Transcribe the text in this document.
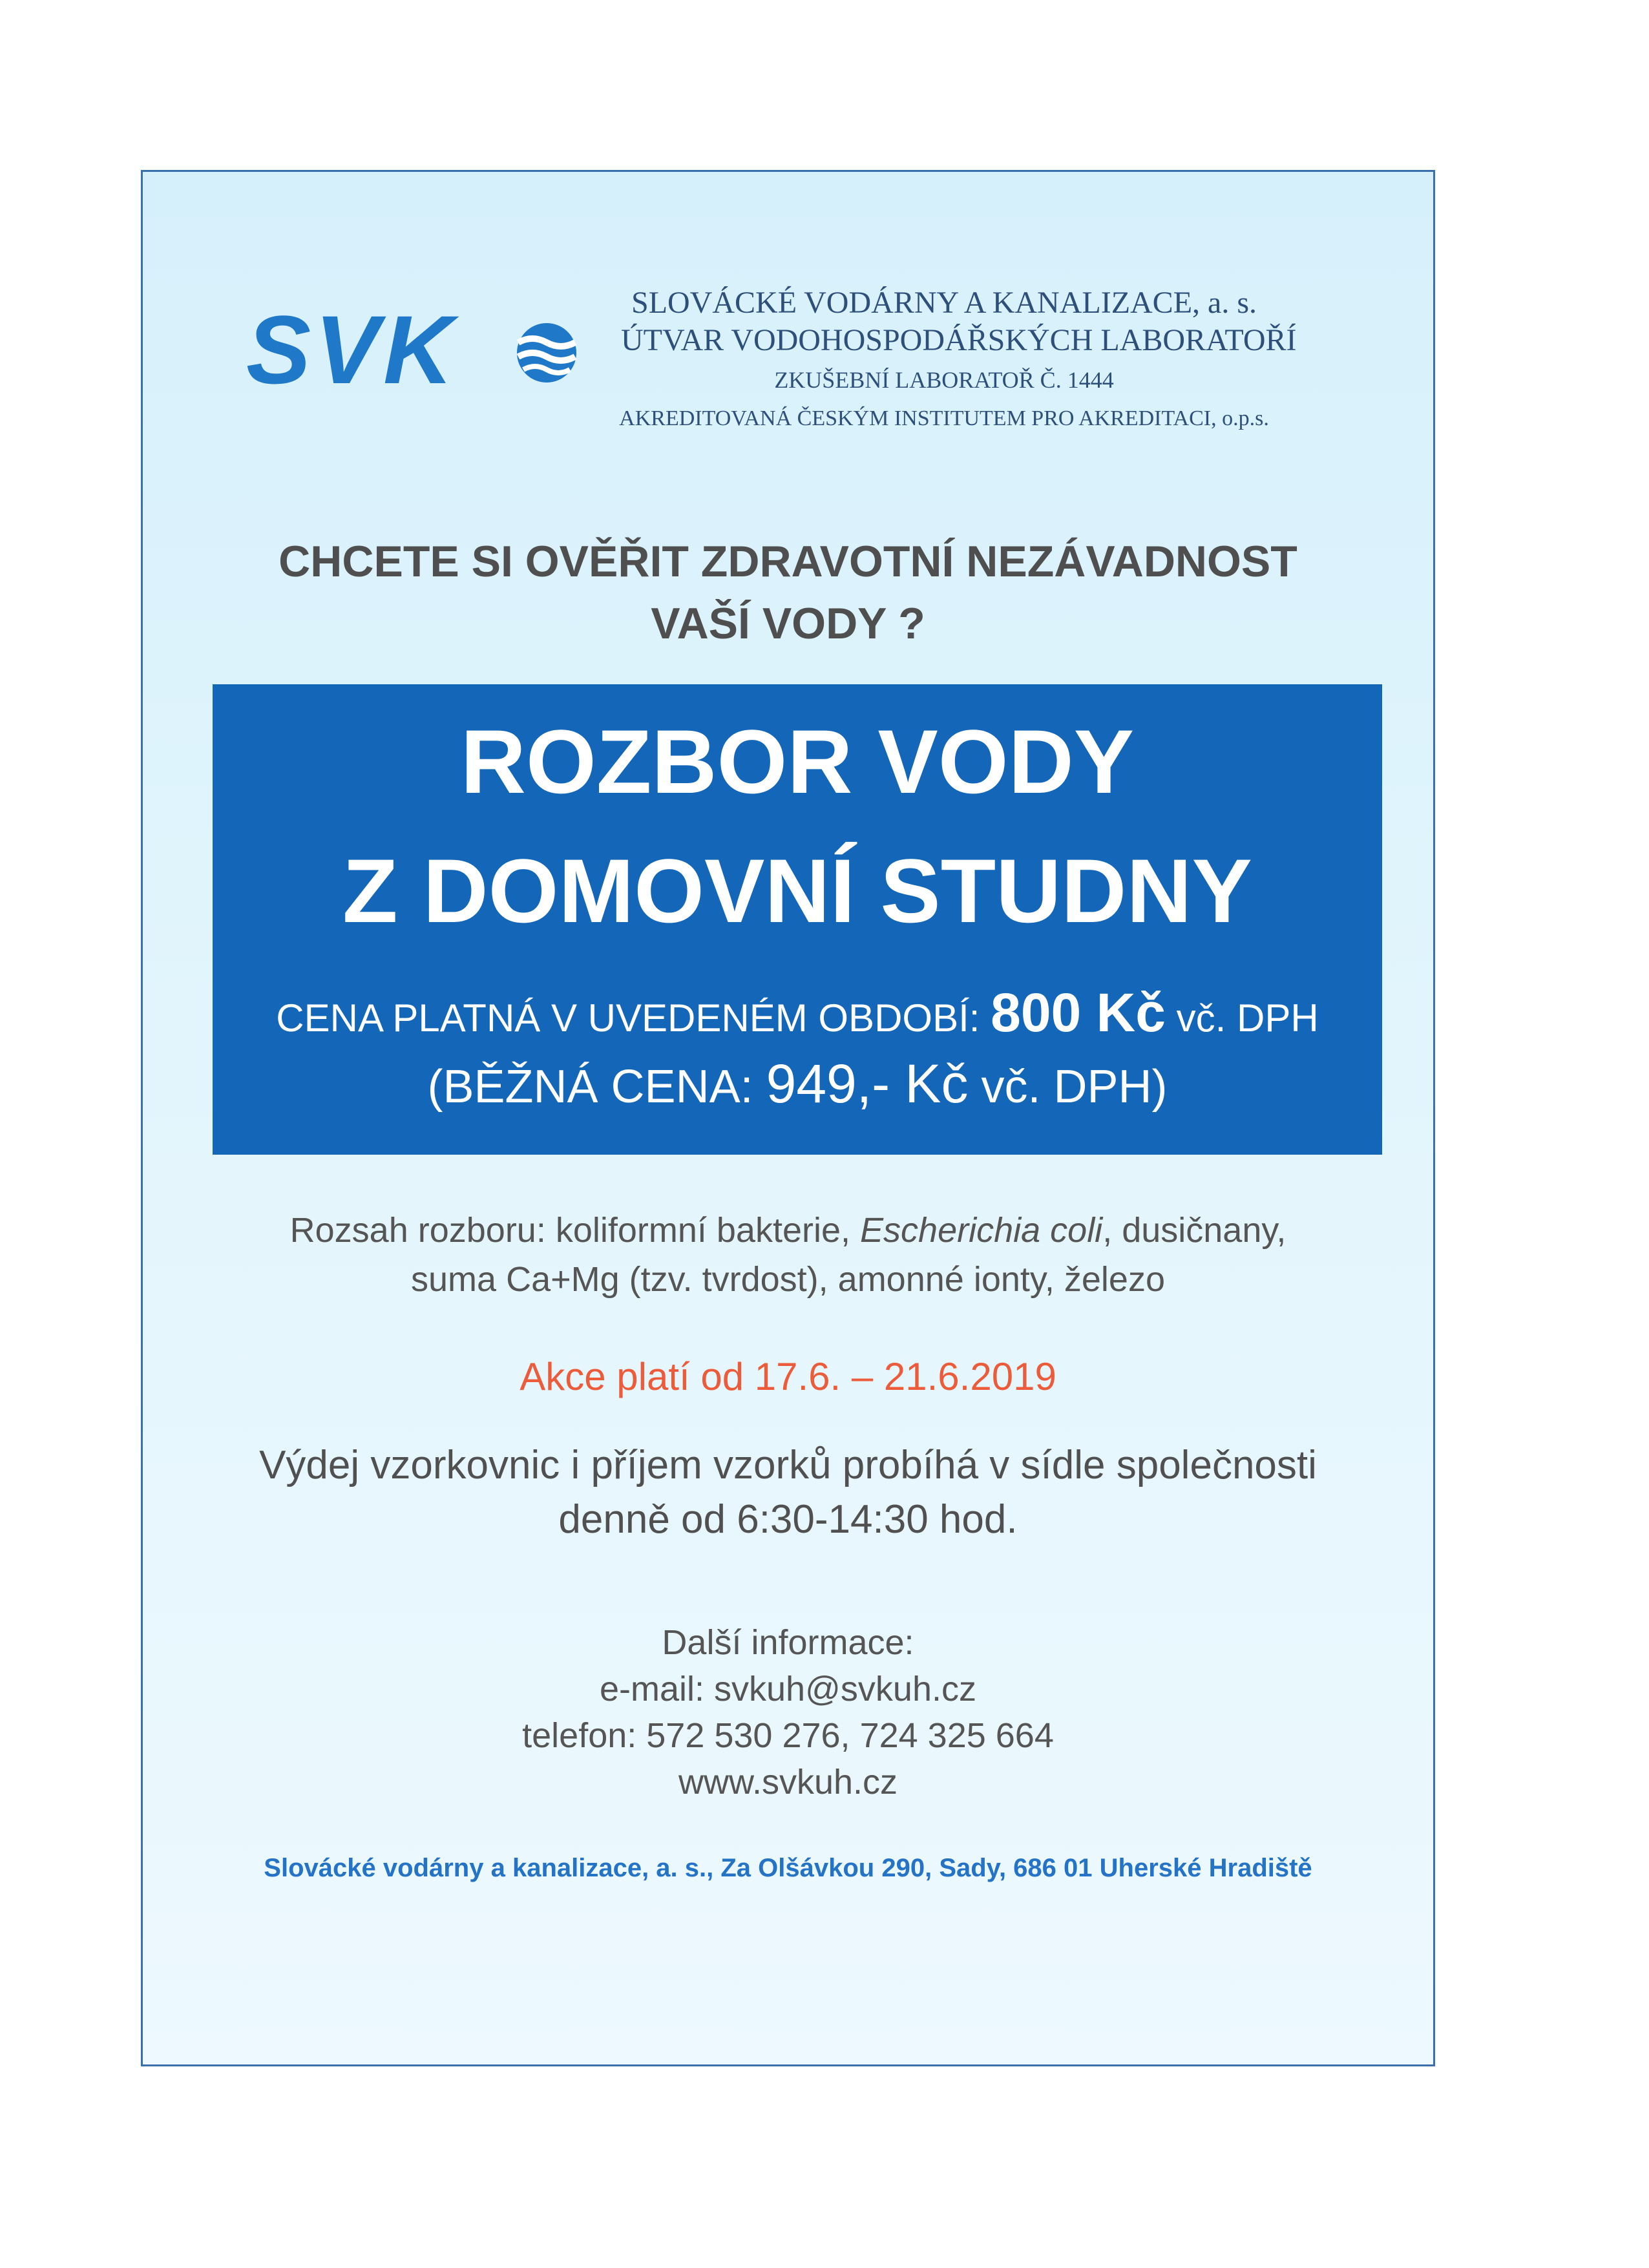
SVK	SLOVÁCKÉ VODÁRNY A KANALIZACE, a. s.
ÚTVAR VODOHOSPODÁŘSKÝCH LABORATOŘÍ
ZKUŠEBNÍ LABORATOŘ Č. 1444
AKREDITOVANÁ ČESKÝM INSTITUTEM PRO AKREDITACI, o.p.s.
CHCETE SI OVĚŘIT ZDRAVOTNÍ NEZÁVADNOST
VAŠÍ VODY ?
ROZBOR VODY
Z DOMOVNÍ STUDNY
CENA PLATNÁ V UVEDENÉM OBDOBÍ: 800 Kč vč. DPH
(BĚŽNÁ CENA: 949,- Kč vč. DPH)
Rozsah rozboru: koliformní bakterie, Escherichia coli, dusičnany,
suma Ca+Mg (tzv. tvrdost), amonné ionty, železo
Akce platí od 17.6. – 21.6.2019
Výdej vzorkovnic i příjem vzorků probíhá v sídle společnosti
denně od 6:30-14:30 hod.
Další informace:
e-mail: svkuh@svkuh.cz
telefon: 572 530 276, 724 325 664
www.svkuh.cz
Slovácké vodárny a kanalizace, a. s., Za Olšávkou 290, Sady, 686 01 Uherské Hradiště
